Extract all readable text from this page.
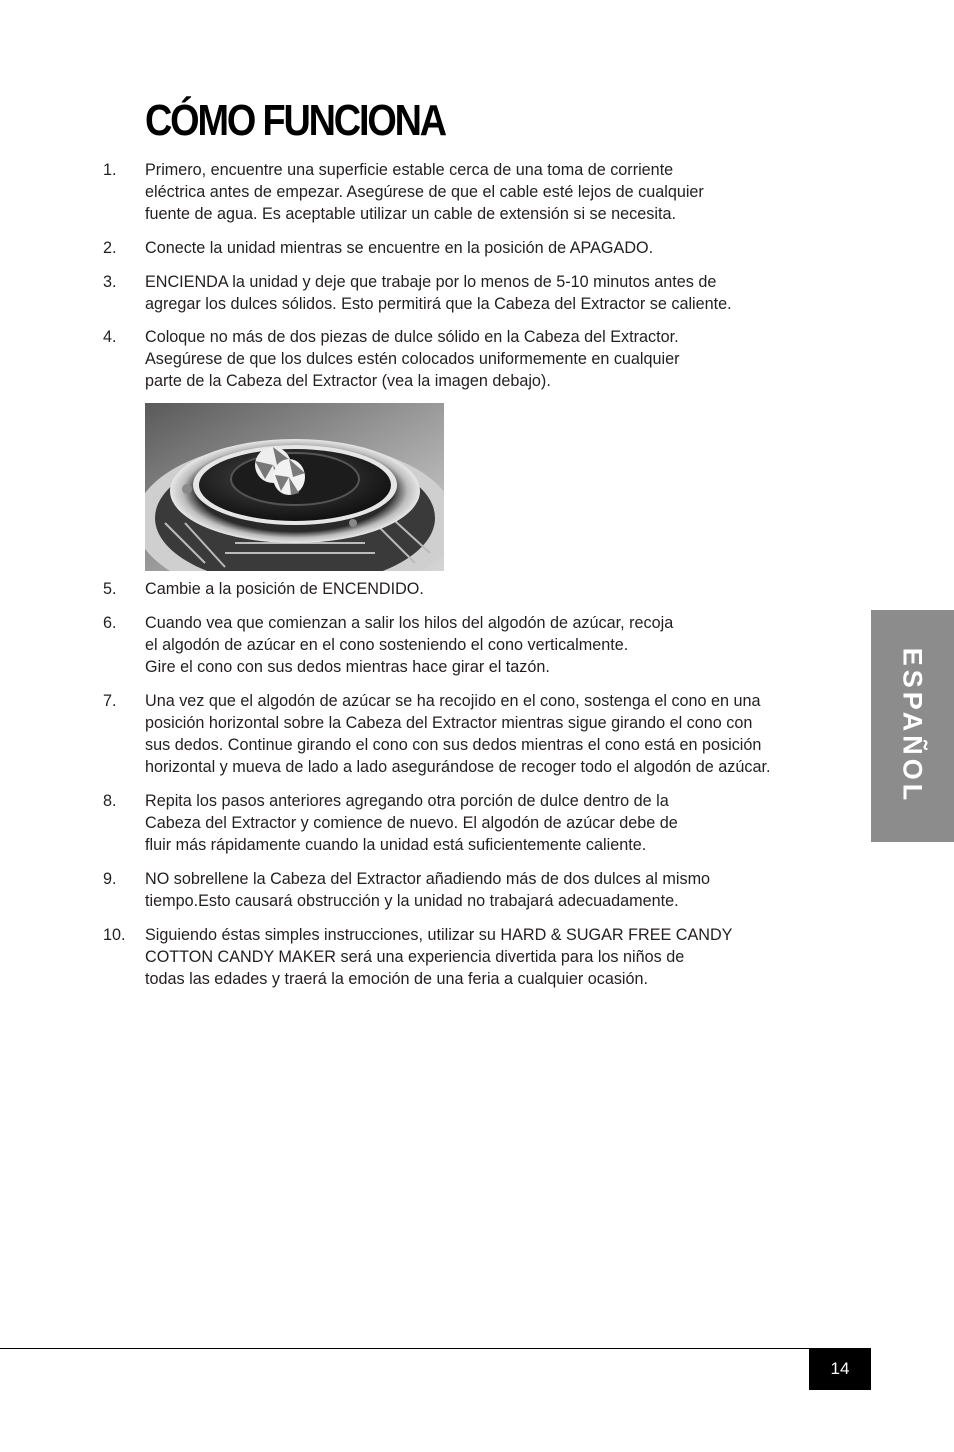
CÓMO FUNCIONA
1. Primero, encuentre una superficie estable cerca de una toma de corriente
eléctrica antes de empezar. Asegúrese de que el cable esté lejos de cualquier
fuente de agua. Es aceptable utilizar un cable de extensión si se necesita.
2. Conecte la unidad mientras se encuentre en la posición de APAGADO.
3. ENCIENDA la unidad y deje que trabaje por lo menos de 5-10 minutos antes de
agregar los dulces sólidos. Esto permitirá que la Cabeza del Extractor se caliente.
4. Coloque no más de dos piezas de dulce sólido en la Cabeza del Extractor.
Asegúrese de que los dulces estén colocados uniformemente en cualquier
parte de la Cabeza del Extractor (vea la imagen debajo).
5. Cambie a la posición de ENCENDIDO.
6. Cuando vea que comienzan a salir los hilos del algodón de azúcar, recoja
el algodón de azúcar en el cono sosteniendo el cono verticalmente.
Gire el cono con sus dedos mientras hace girar el tazón.
7. Una vez que el algodón de azúcar se ha recojido en el cono, sostenga el cono en una
posición horizontal sobre la Cabeza del Extractor mientras sigue girando el cono con
sus dedos. Continue girando el cono con sus dedos mientras el cono está en posición
horizontal y mueva de lado a lado asegurándose de recoger todo el algodón de azúcar.
8. Repita los pasos anteriores agregando otra porción de dulce dentro de la
Cabeza del Extractor y comience de nuevo. El algodón de azúcar debe de
fluir más rápidamente cuando la unidad está suficientemente caliente.
9. NO sobrellene la Cabeza del Extractor añadiendo más de dos dulces al mismo
tiempo.Esto causará obstrucción y la unidad no trabajará adecuadamente.
10. Siguiendo éstas simples instrucciones, utilizar su HARD & SUGAR FREE CANDY
COTTON CANDY MAKER será una experiencia divertida para los niños de
todas las edades y traerá la emoción de una feria a cualquier ocasión.
ESPAÑOL
14
